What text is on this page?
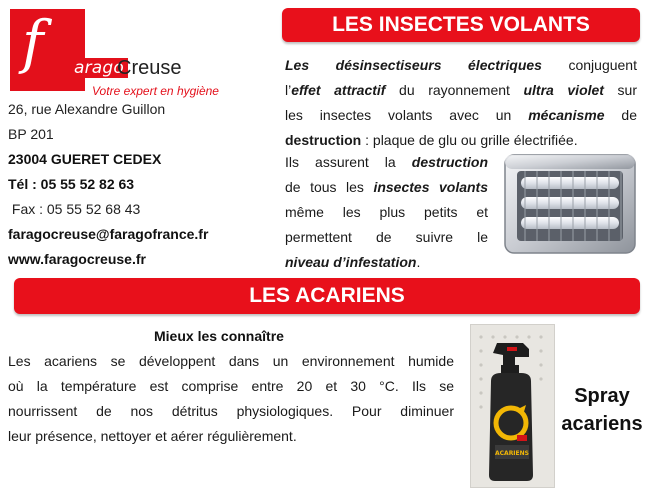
f arago
Creuse
Votre expert en hygiène
26, rue Alexandre Guillon
BP 201
23004 GUERET CEDEX
Tél : 05 55 52 82 63
Fax : 05 55 52 68 43
faragocreuse@faragofrance.fr
www.faragocreuse.fr
LES INSECTES VOLANTS
Les désinsectiseurs électriques conjuguent
l’effet attractif du rayonnement ultra violet sur
les insectes volants avec un mécanisme de
destruction : plaque de glu ou grille électrifiée.
Ils assurent la destruction
de tous les insectes volants
même les plus petits et
permettent de suivre le
niveau d’infestation.
LES ACARIENS
Mieux les connaître
Les acariens se développent dans un environnement humide
où la température est comprise entre 20 et 30 °C. Ils se
nourrissent de nos détritus physiologiques. Pour diminuer
leur présence, nettoyer et aérer régulièrement.
ACARIENS
Spray
acariens
